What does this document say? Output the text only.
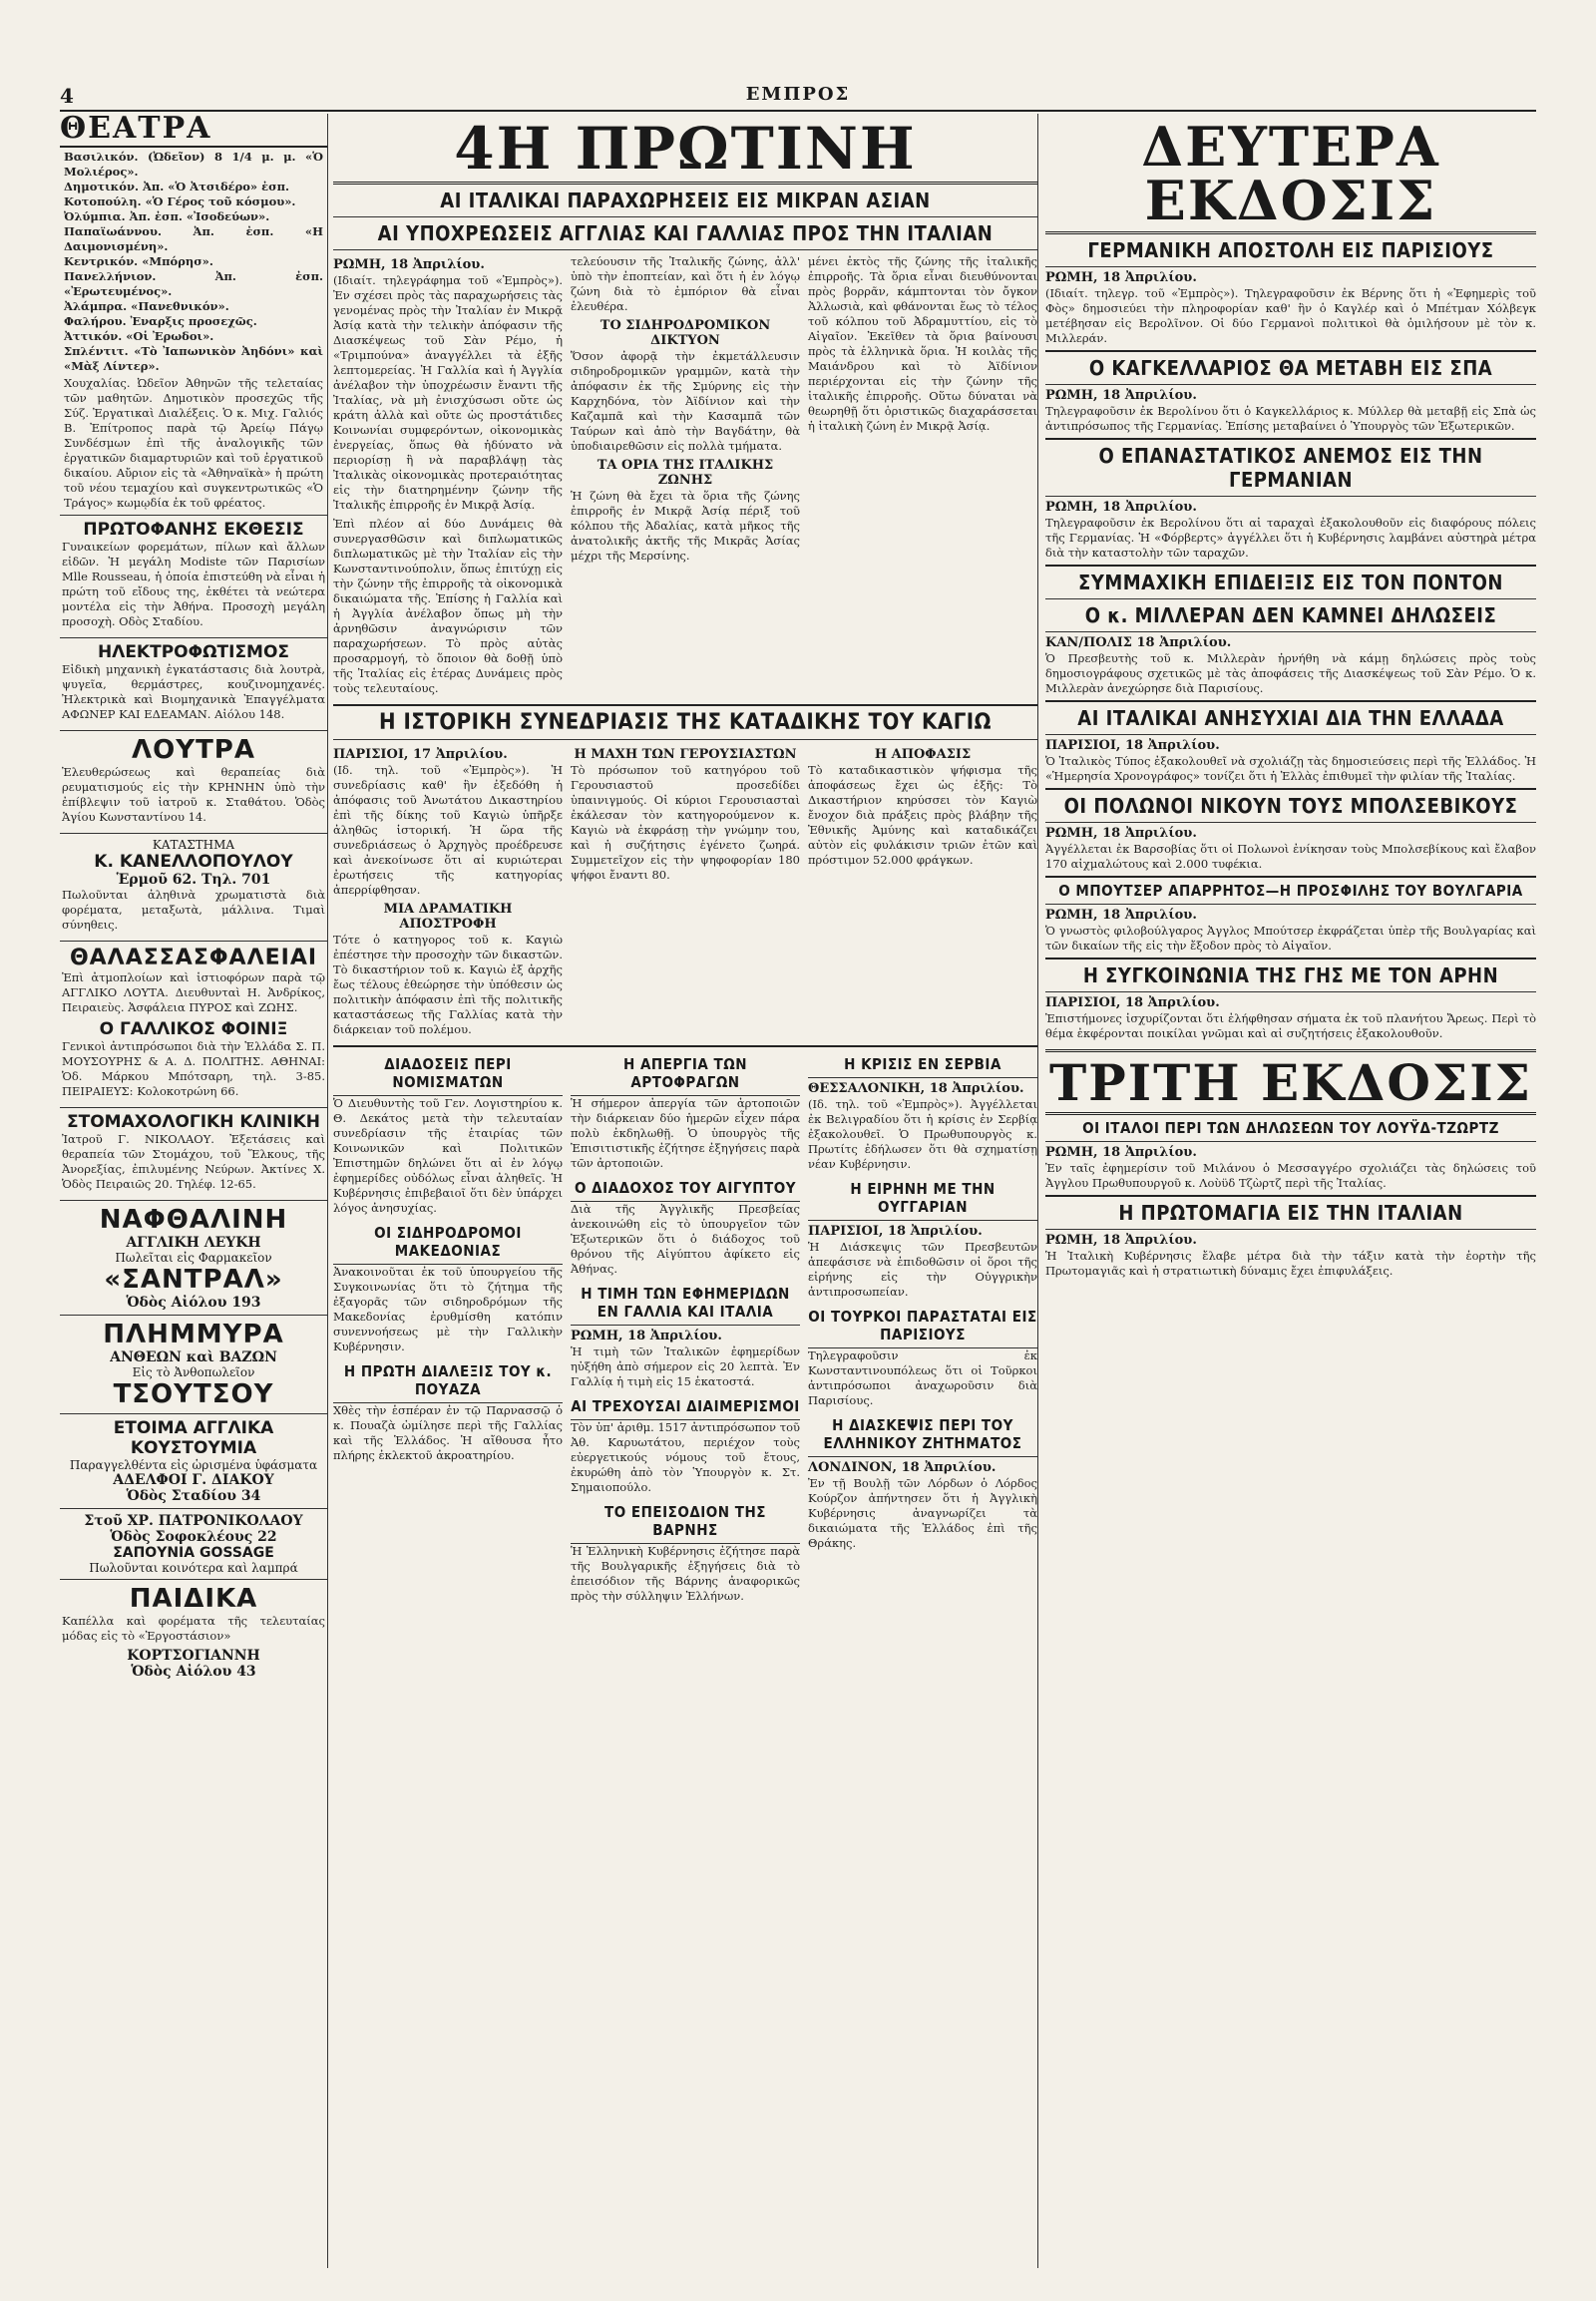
4	ΕΜΠΡΟΣ
ΘΕΑΤΡΑ
Βασιλικόν. (Ὠδεῖον) 8 1/4 μ. μ. «Ὁ Μολιέρος».
Δημοτικόν. Ἀπ. «Ὁ Ἀτσιδέρο» ἐσπ.
Κοτοπούλη. «Ὁ Γέρος τοῦ κόσμου».
Ὀλύμπια. Ἀπ. ἐσπ. «Ἰσοδεύων».
Παπαϊωάννου. Ἀπ. ἐσπ. «Η Δαιμονισμένη».
Κεντρικόν. «Μπόρησ».
Πανελλήνιον. Ἀπ. ἐσπ. «Ἐρωτευμένος».
Ἀλάμπρα. «Πανεθνικόν».
Φαλήρου. Ἐναρξις προσεχῶς.
Ἀττικόν. «Οἱ Ἐρωδοι».
Σπλέντιτ. «Τὸ Ἰαπωνικὸν Ἀηδόνι» καὶ «Μὰξ Λίντερ».

Χουχαλίας. Ὠδεῖον Ἀθηνῶν τῆς τελεταίας τῶν μαθητῶν. Δημοτικὸν προσεχῶς τῆς Σύζ. Ἐργατικαὶ Διαλέξεις. Ὁ κ. Μιχ. Γαλιός Β. Ἐπίτροπος παρὰ τῷ Ἀρείῳ Πάγῳ Συνδέσμων ἐπὶ τῆς ἀναλογικῆς τῶν ἐργατικῶν διαμαρτυριῶν καὶ τοῦ ἐργατικοῦ δικαίου. Αὔριον εἰς τὰ «Ἀθηναϊκὰ» ἡ πρώτη τοῦ νέου τεμαχίου καὶ συγκεντρωτικῶς «Ὁ Τράγος» κωμῳδία ἐκ τοῦ φρέατος.

ΠΡΩΤΟΦΑΝΗΣ ΕΚΘΕΣΙΣ

Γυναικείων φορεμάτων, πίλων καὶ ἄλλων εἰδῶν. Ἡ μεγάλη Modiste τῶν Παρισίων Mlle Rousseau, ἡ ὁποία ἐπιστεύθη νὰ εἶναι ἡ πρώτη τοῦ εἴδους της, ἐκθέτει τὰ νεώτερα μοντέλα εἰς τὴν Ἀθήνα. Προσοχὴ μεγάλη προσοχὴ. Οδὸς Σταδίου.

ΗΛΕΚΤΡΟΦΩΤΙΣΜΟΣ

Εἰδικὴ μηχανικὴ ἐγκατάστασις διὰ λουτρὰ, ψυγεῖα, θερμάστρες, κουζινομηχανές. Ἠλεκτρικὰ καὶ Βιομηχανικὰ Ἐπαγγέλματα ΑΦΩΝΕΡ ΚΑΙ ΕΔΕΑΜΑΝ. Αἰόλου 148.

ΛΟΥΤΡΑ

Ἐλευθερώσεως καὶ θεραπείας διὰ ρευματισμούς εἰς τὴν ΚΡΗΝΗΝ ὑπὸ τὴν ἐπίβλεψιν τοῦ ἰατροῦ κ. Σταθάτου. Ὁδὸς Ἁγίου Κωνσταντίνου 14.

ΚΑΤΑΣΤΗΜΑ
Κ. ΚΑΝΕΛΛΟΠΟΥΛΟΥ
Ἑρμοῦ 62. Τηλ. 701

Πωλοῦνται ἀληθινὰ χρωματιστὰ διὰ φορέματα, μεταξωτὰ, μάλλινα. Τιμαὶ σύνηθεις.

ΘΑΛΑΣΣΑΣΦΑΛΕΙΑΙ

Ἐπὶ ἀτμοπλοίων καὶ ἱστιοφόρων παρὰ τῷ ΑΓΓΛΙΚΟ ΛΟΥΤΑ. Διευθυνταὶ Η. Ἀνδρίκος, Πειραιεὺς. Ἀσφάλεια ΠΥΡΟΣ καὶ ΖΩΗΣ.

Ο ΓΑΛΛΙΚΟΣ ΦΟΙΝΙΞ

Γενικοὶ ἀντιπρόσωποι διὰ τὴν Ἑλλάδα Σ. Π. ΜΟΥΣΟΥΡΗΣ & Α. Δ. ΠΟΛΙΤΗΣ. ΑΘΗΝΑΙ: Ὁδ. Μάρκου Μπότσαρη, τηλ. 3-85. ΠΕΙΡΑΙΕΥΣ: Κολοκοτρώνη 66.

ΣΤΟΜΑΧΟΛΟΓΙΚΗ ΚΛΙΝΙΚΗ

Ἰατροῦ Γ. ΝΙΚΟΛΑΟΥ. Ἐξετάσεις καὶ θεραπεία τῶν Στομάχου, τοῦ Ἕλκους, τῆς Ἀνορεξίας, ἐπιλυμένης Νεύρων. Ἀκτίνες Χ. Ὁδὸς Πειραιῶς 20. Τηλέφ. 12-65.

ΝΑΦΘΑΛΙΝΗ
ΑΓΓΛΙΚΗ ΛΕΥΚΗ
Πωλεῖται εἰς Φαρμακεῖον
«ΣΑΝΤΡΑΛ»
Ὁδὸς Αἰόλου 193
ΠΛΗΜΜΥΡΑ
ΑΝΘΕΩΝ καὶ ΒΑΖΩΝ
Εἰς τὸ Ἀνθοπωλεῖον
ΤΣΟΥΤΣΟΥ
ΕΤΟΙΜΑ ΑΓΓΛΙΚΑ ΚΟΥΣΤΟΥΜΙΑ
Παραγγελθέντα εἰς ὡρισμένα ὑφάσματα
ΑΔΕΛΦΟΙ Γ. ΔΙΑΚΟΥ
Ὁδὸς Σταδίου 34
Στοῦ ΧΡ. ΠΑΤΡΟΝΙΚΟΛΑΟΥ
Ὁδὸς Σοφοκλέους 22
ΣΑΠΟΥΝΙΑ GOSSAGE
Πωλοῦνται κοινότερα καὶ λαμπρά
ΠΑΙΔΙΚΑ

Καπέλλα καὶ φορέματα τῆς τελευταίας μόδας εἰς τὸ «Ἐργοστάσιον»

ΚΟΡΤΣΟΓΙΑΝΝΗ
Ὁδὸς Αἰόλου 43
4Η ΠΡΩΤΙΝΗ
ΑΙ ΙΤΑΛΙΚΑΙ ΠΑΡΑΧΩΡΗΣΕΙΣ ΕΙΣ ΜΙΚΡΑΝ ΑΣΙΑΝ
ΑΙ ΥΠΟΧΡΕΩΣΕΙΣ ΑΓΓΛΙΑΣ ΚΑΙ ΓΑΛΛΙΑΣ ΠΡΟΣ ΤΗΝ ΙΤΑΛΙΑΝ
ΡΩΜΗ, 18 Ἀπριλίου.

(Ιδιαίτ. τηλεγράφημα τοῦ «Ἐμπρὸς»). Ἐν σχέσει πρὸς τὰς παραχωρήσεις τὰς γενομένας πρὸς τὴν Ἰταλίαν ἐν Μικρᾷ Ἀσίᾳ κατὰ τὴν τελικὴν ἀπόφασιν τῆς Διασκέψεως τοῦ Σὰν Ρέμο, ἡ «Τριμπούνα» ἀναγγέλλει τὰ ἑξῆς λεπτομερείας. Ἡ Γαλλία καὶ ἡ Ἀγγλία ἀνέλαβον τὴν ὑποχρέωσιν ἔναντι τῆς Ἰταλίας, νὰ μὴ ἐνισχύσωσι οὔτε ὡς κράτη ἀλλὰ καὶ οὔτε ὡς προστάτιδες Κοινωνίαι συμφερόντων, οἰκονομικὰς ἐνεργείας, ὅπως θὰ ἠδύνατο νὰ περιορίσῃ ἢ νὰ παραβλάψῃ τὰς Ἰταλικὰς οἰκονομικὰς προτεραιότητας εἰς τὴν διατηρημένην ζώνην τῆς Ἰταλικῆς ἐπιρροῆς ἐν Μικρᾷ Ἀσίᾳ.

Ἐπὶ πλέον αἱ δύο Δυνάμεις θὰ συνεργασθῶσιν καὶ διπλωματικῶς διπλωματικῶς μὲ τὴν Ἰταλίαν εἰς τὴν Κωνσταντινούπολιν, ὅπως ἐπιτύχῃ εἰς τὴν ζώνην τῆς ἐπιρροῆς τὰ οἰκονομικὰ δικαιώματα τῆς. Ἐπίσης ἡ Γαλλία καὶ ἡ Ἀγγλία ἀνέλαβον ὅπως μὴ τὴν ἀρνηθῶσιν ἀναγνώρισιν τῶν παραχωρήσεων. Τὸ πρὸς αὐτὰς προσαρμογή, τὸ ὅποιον θὰ δοθῇ ὑπὸ τῆς Ἰταλίας εἰς ἑτέρας Δυνάμεις πρὸς τοὺς τελευταίους.

τελεύουσιν τῆς Ἰταλικῆς ζώνης, ἀλλ' ὑπὸ τὴν ἐποπτείαν, καὶ ὅτι ἡ ἐν λόγῳ ζώνη διὰ τὸ ἐμπόριον θὰ εἶναι ἐλευθέρα.

ΤΟ ΣΙΔΗΡΟΔΡΟΜΙΚΟΝ ΔΙΚΤΥΟΝ

Ὅσον ἀφορᾷ τὴν ἐκμετάλλευσιν σιδηροδρομικῶν γραμμῶν, κατὰ τὴν ἀπόφασιν ἐκ τῆς Σμύρνης εἰς τὴν Καρχηδόνα, τὸν Ἀϊδίνιον καὶ τὴν Καζαμπᾶ καὶ τὴν Κασαμπᾶ τῶν Ταύρων καὶ ἀπὸ τὴν Βαγδάτην, θὰ ὑποδιαιρεθῶσιν εἰς πολλὰ τμήματα.

ΤΑ ΟΡΙΑ ΤΗΣ ΙΤΑΛΙΚΗΣ ΖΩΝΗΣ

Ἡ ζώνη θὰ ἔχει τὰ ὅρια τῆς ζώνης ἐπιρροῆς ἐν Μικρᾷ Ἀσίᾳ πέριξ τοῦ κόλπου τῆς Ἀδαλίας, κατὰ μῆκος τῆς ἀνατολικῆς ἀκτῆς τῆς Μικρᾶς Ἀσίας μέχρι τῆς Μερσίνης.

μένει ἐκτὸς τῆς ζώνης τῆς ἰταλικῆς ἐπιρροῆς. Τὰ ὅρια εἶναι διευθύνονται πρὸς βορρᾶν, κάμπτονται τὸν ὄγκον Ἀλλωσιὰ, καὶ φθάνονται ἕως τὸ τέλος τοῦ κόλπου τοῦ Ἀδραμυττίου, εἰς τὸ Αἰγαῖον. Ἐκεῖθεν τὰ ὅρια βαίνουσι πρὸς τὰ ἑλληνικὰ ὅρια. Ἡ κοιλὰς τῆς Μαιάνδρου καὶ τὸ Ἀϊδίνιον περιέρχονται εἰς τὴν ζώνην τῆς ἰταλικῆς ἐπιρροῆς. Οὕτω δύναται νὰ θεωρηθῇ ὅτι ὁριστικῶς διαχαράσσεται ἡ ἰταλικὴ ζώνη ἐν Μικρᾷ Ἀσίᾳ.

Η ΙΣΤΟΡΙΚΗ ΣΥΝΕΔΡΙΑΣΙΣ ΤΗΣ ΚΑΤΑΔΙΚΗΣ ΤΟΥ ΚΑΓΙΩ
ΠΑΡΙΣΙΟΙ, 17 Ἀπριλίου.

(Ιδ. τηλ. τοῦ «Ἐμπρὸς»). Ἡ συνεδρίασις καθ' ἣν ἐξεδόθη ἡ ἀπόφασις τοῦ Ἀνωτάτου Δικαστηρίου ἐπὶ τῆς δίκης τοῦ Καγιὼ ὑπῆρξε ἀληθῶς ἱστορική. Ἡ ὥρα τῆς συνεδριάσεως ὁ Ἀρχηγὸς προέδρευσε καὶ ἀνεκοίνωσε ὅτι αἱ κυριώτεραι ἐρωτήσεις τῆς κατηγορίας ἀπερρίφθησαν.

ΜΙΑ ΔΡΑΜΑΤΙΚΗ ΑΠΟΣΤΡΟΦΗ

Τότε ὁ κατηγορος τοῦ κ. Καγιὼ ἐπέστησε τὴν προσοχὴν τῶν δικαστῶν. Τὸ δικαστήριον τοῦ κ. Καγιὼ ἐξ ἀρχῆς ἔως τέλους ἐθεώρησε τὴν ὑπόθεσιν ὡς πολιτικὴν ἀπόφασιν ἐπὶ τῆς πολιτικῆς καταστάσεως τῆς Γαλλίας κατὰ τὴν διάρκειαν τοῦ πολέμου.

Η ΜΑΧΗ ΤΩΝ ΓΕΡΟΥΣΙΑΣΤΩΝ

Τὸ πρόσωπον τοῦ κατηγόρου τοῦ Γερουσιαστοῦ προσεδίδει ὑπαινιγμούς. Οἱ κύριοι Γερουσιασταὶ ἐκάλεσαν τὸν κατηγορούμενον κ. Καγιὼ νὰ ἐκφράσῃ τὴν γνώμην του, καὶ ἡ συζήτησις ἐγένετο ζωηρά. Συμμετεῖχον εἰς τὴν ψηφοφορίαν 180 ψήφοι ἔναντι 80.

Η ΑΠΟΦΑΣΙΣ

Τὸ καταδικαστικὸν ψήφισμα τῆς ἀποφάσεως ἔχει ὡς ἑξῆς: Τὸ Δικαστήριον κηρύσσει τὸν Καγιὼ ἔνοχον διὰ πράξεις πρὸς βλάβην τῆς Ἐθνικῆς Ἀμύνης καὶ καταδικάζει αὐτὸν εἰς φυλάκισιν τριῶν ἐτῶν καὶ πρόστιμον 52.000 φράγκων.

ΔΙΑΔΟΣΕΙΣ ΠΕΡΙ ΝΟΜΙΣΜΑΤΩΝ

Ὁ Διευθυντὴς τοῦ Γεν. Λογιστηρίου κ. Θ. Δεκάτος μετὰ τὴν τελευταίαν συνεδρίασιν τῆς ἑταιρίας τῶν Κοινωνικῶν καὶ Πολιτικῶν Ἐπιστημῶν δηλώνει ὅτι αἱ ἐν λόγῳ ἐφημερίδες οὐδόλως εἶναι ἀληθεῖς. Ἡ Κυβέρνησις ἐπιβεβαιοῖ ὅτι δὲν ὑπάρχει λόγος ἀνησυχίας.

ΟΙ ΣΙΔΗΡΟΔΡΟΜΟΙ ΜΑΚΕΔΟΝΙΑΣ

Ἀνακοινοῦται ἐκ τοῦ ὑπουργείου τῆς Συγκοινωνίας ὅτι τὸ ζήτημα τῆς ἐξαγορᾶς τῶν σιδηροδρόμων τῆς Μακεδονίας ἐρυθμίσθη κατόπιν συνεννοήσεως μὲ τὴν Γαλλικὴν Κυβέρνησιν.

Η ΠΡΩΤΗ ΔΙΑΛΕΞΙΣ ΤΟΥ κ. ΠΟΥΑΖΑ

Χθὲς τὴν ἑσπέραν ἐν τῷ Παρνασσῷ ὁ κ. Πουαζὰ ὡμίλησε περὶ τῆς Γαλλίας καὶ τῆς Ἑλλάδος. Ἡ αἴθουσα ἦτο πλήρης ἐκλεκτοῦ ἀκροατηρίου.

Η ΑΠΕΡΓΙΑ ΤΩΝ ΑΡΤΟΦΡΑΓΩΝ

Ἡ σήμερον ἀπεργία τῶν ἀρτοποιῶν τὴν διάρκειαν δύο ἡμερῶν εἶχεν πάρα πολὺ ἐκδηλωθῇ. Ὁ ὑπουργὸς τῆς Ἐπισιτιστικῆς ἐζήτησε ἐξηγήσεις παρὰ τῶν ἀρτοποιῶν.

Ο ΔΙΑΔΟΧΟΣ ΤΟΥ ΑΙΓΥΠΤΟΥ

Διὰ τῆς Ἀγγλικῆς Πρεσβείας ἀνεκοινώθη εἰς τὸ ὑπουργεῖον τῶν Ἐξωτερικῶν ὅτι ὁ διάδοχος τοῦ θρόνου τῆς Αἰγύπτου ἀφίκετο εἰς Ἀθήνας.

Η ΤΙΜΗ ΤΩΝ ΕΦΗΜΕΡΙΔΩΝ ΕΝ ΓΑΛΛΙΑ ΚΑΙ ΙΤΑΛΙΑ
ΡΩΜΗ, 18 Ἀπριλίου.

Ἡ τιμὴ τῶν Ἰταλικῶν ἐφημερίδων ηὐξήθη ἀπὸ σήμερον εἰς 20 λεπτὰ. Ἐν Γαλλίᾳ ἡ τιμὴ εἰς 15 ἑκατοστά.

ΑΙ ΤΡΕΧΟΥΣΑΙ ΔΙΑΙΜΕΡΙΣΜΟΙ

Τὸν ὑπ' ἀριθμ. 1517 ἀντιπρόσωπον τοῦ Ἀθ. Καρυωτάτου, περιέχον τοὺς εὐεργετικούς νόμους τοῦ ἔτους, ἐκυρώθη ἀπὸ τὸν Ὑπουργὸν κ. Στ. Σημαιοπούλο.

ΤΟ ΕΠΕΙΣΟΔΙΟΝ ΤΗΣ ΒΑΡΝΗΣ

Ἡ Ἑλληνικὴ Κυβέρνησις ἐζήτησε παρὰ τῆς Βουλγαρικῆς ἐξηγήσεις διὰ τὸ ἐπεισόδιον τῆς Βάρνης ἀναφορικῶς πρὸς τὴν σύλληψιν Ἑλλήνων.

Η ΚΡΙΣΙΣ ΕΝ ΣΕΡΒΙΑ
ΘΕΣΣΑΛΟΝΙΚΗ, 18 Ἀπριλίου.

(Ιδ. τηλ. τοῦ «Ἐμπρὸς»). Ἀγγέλλεται ἐκ Βελιγραδίου ὅτι ἡ κρίσις ἐν Σερβίᾳ ἐξακολουθεῖ. Ὁ Πρωθυπουργὸς κ. Πρωτίτς ἐδήλωσεν ὅτι θὰ σχηματίσῃ νέαν Κυβέρνησιν.

Η ΕΙΡΗΝΗ ΜΕ ΤΗΝ ΟΥΓΓΑΡΙΑΝ
ΠΑΡΙΣΙΟΙ, 18 Ἀπριλίου.

Ἡ Διάσκεψις τῶν Πρεσβευτῶν ἀπεφάσισε νὰ ἐπιδοθῶσιν οἱ ὅροι τῆς εἰρήνης εἰς τὴν Οὑγγρικὴν ἀντιπροσωπείαν.

ΟΙ ΤΟΥΡΚΟΙ ΠΑΡΑΣΤΑΤΑΙ ΕΙΣ ΠΑΡΙΣΙΟΥΣ

Τηλεγραφοῦσιν ἐκ Κωνσταντινουπόλεως ὅτι οἱ Τοῦρκοι ἀντιπρόσωποι ἀναχωροῦσιν διὰ Παρισίους.

Η ΔΙΑΣΚΕΨΙΣ ΠΕΡΙ ΤΟΥ ΕΛΛΗΝΙΚΟΥ ΖΗΤΗΜΑΤΟΣ
ΛΟΝΔΙΝΟΝ, 18 Ἀπριλίου.

Ἐν τῇ Βουλῇ τῶν Λόρδων ὁ Λόρδος Κούρζον ἀπήντησεν ὅτι ἡ Ἀγγλικὴ Κυβέρνησις ἀναγνωρίζει τὰ δικαιώματα τῆς Ἑλλάδος ἐπὶ τῆς Θράκης.

ΔΕΥΤΕΡΑ ΕΚΔΟΣΙΣ
ΓΕΡΜΑΝΙΚΗ ΑΠΟΣΤΟΛΗ ΕΙΣ ΠΑΡΙΣΙΟΥΣ
ΡΩΜΗ, 18 Ἀπριλίου.

(Ιδιαίτ. τηλεγρ. τοῦ «Ἐμπρὸς»). Τηλεγραφοῦσιν ἐκ Βέρνης ὅτι ἡ «Ἐφημερὶς τοῦ Φὸς» δημοσιεύει τὴν πληροφορίαν καθ' ἣν ὁ Καγλέρ καὶ ὁ Μπέτμαν Χόλβεγκ μετέβησαν εἰς Βερολῖνον. Οἱ δύο Γερμανοὶ πολιτικοὶ θὰ ὁμιλήσουν μὲ τὸν κ. Μιλλεράν.

Ο ΚΑΓΚΕΛΛΑΡΙΟΣ ΘΑ ΜΕΤΑΒΗ ΕΙΣ ΣΠΑ
ΡΩΜΗ, 18 Ἀπριλίου.

Τηλεγραφοῦσιν ἐκ Βερολίνου ὅτι ὁ Καγκελλάριος κ. Μύλλερ θὰ μεταβῇ εἰς Σπὰ ὡς ἀντιπρόσωπος τῆς Γερμανίας. Ἐπίσης μεταβαίνει ὁ Ὑπουργὸς τῶν Ἐξωτερικῶν.

Ο ΕΠΑΝΑΣΤΑΤΙΚΟΣ ΑΝΕΜΟΣ ΕΙΣ ΤΗΝ ΓΕΡΜΑΝΙΑΝ
ΡΩΜΗ, 18 Ἀπριλίου.

Τηλεγραφοῦσιν ἐκ Βερολίνου ὅτι αἱ ταραχαὶ ἐξακολουθοῦν εἰς διαφόρους πόλεις τῆς Γερμανίας. Ἡ «Φόρβερτς» ἀγγέλλει ὅτι ἡ Κυβέρνησις λαμβάνει αὐστηρὰ μέτρα διὰ τὴν καταστολὴν τῶν ταραχῶν.

ΣΥΜΜΑΧΙΚΗ ΕΠΙΔΕΙΞΙΣ ΕΙΣ ΤΟΝ ΠΟΝΤΟΝ
Ο κ. ΜΙΛΛΕΡΑΝ ΔΕΝ ΚΑΜΝΕΙ ΔΗΛΩΣΕΙΣ
ΚΑΝ/ΠΟΛΙΣ 18 Ἀπριλίου.

Ὁ Πρεσβευτὴς τοῦ κ. Μιλλερὰν ἠρνήθη νὰ κάμῃ δηλώσεις πρὸς τοὺς δημοσιογράφους σχετικῶς μὲ τὰς ἀποφάσεις τῆς Διασκέψεως τοῦ Σὰν Ρέμο. Ὁ κ. Μιλλερὰν ἀνεχώρησε διὰ Παρισίους.

ΑΙ ΙΤΑΛΙΚΑΙ ΑΝΗΣΥΧΙΑΙ ΔΙΑ ΤΗΝ ΕΛΛΑΔΑ
ΠΑΡΙΣΙΟΙ, 18 Ἀπριλίου.

Ὁ Ἰταλικὸς Τύπος ἐξακολουθεῖ νὰ σχολιάζῃ τὰς δημοσιεύσεις περὶ τῆς Ἑλλάδος. Ἡ «Ἡμερησία Χρονογράφος» τονίζει ὅτι ἡ Ἑλλὰς ἐπιθυμεῖ τὴν φιλίαν τῆς Ἰταλίας.

ΟΙ ΠΟΛΩΝΟΙ ΝΙΚΟΥΝ ΤΟΥΣ ΜΠΟΛΣΕΒΙΚΟΥΣ
ΡΩΜΗ, 18 Ἀπριλίου.

Ἀγγέλλεται ἐκ Βαρσοβίας ὅτι οἱ Πολωνοὶ ἐνίκησαν τοὺς Μπολσεβίκους καὶ ἔλαβον 170 αἰχμαλώτους καὶ 2.000 τυφέκια.

Ο ΜΠΟΥΤΣΕΡ ΑΠΑΡΡΗΤΟΣ—Η ΠΡΟΣΦΙΛΗΣ ΤΟΥ ΒΟΥΛΓΑΡΙΑ
ΡΩΜΗ, 18 Ἀπριλίου.

Ὁ γνωστὸς φιλοβούλγαρος Ἀγγλος Μπούτσερ ἐκφράζεται ὑπὲρ τῆς Βουλγαρίας καὶ τῶν δικαίων τῆς εἰς τὴν ἔξοδον πρὸς τὸ Αἰγαῖον.

Η ΣΥΓΚΟΙΝΩΝΙΑ ΤΗΣ ΓΗΣ ΜΕ ΤΟΝ ΑΡΗΝ
ΠΑΡΙΣΙΟΙ, 18 Ἀπριλίου.

Ἐπιστήμονες ἰσχυρίζονται ὅτι ἐλήφθησαν σήματα ἐκ τοῦ πλανήτου Ἄρεως. Περὶ τὸ θέμα ἐκφέρονται ποικίλαι γνῶμαι καὶ αἱ συζητήσεις ἐξακολουθοῦν.

ΤΡΙΤΗ ΕΚΔΟΣΙΣ
ΟΙ ΙΤΑΛΟΙ ΠΕΡΙ ΤΩΝ ΔΗΛΩΣΕΩΝ ΤΟΥ ΛΟΥΫΔ-ΤΖΩΡΤΖ
ΡΩΜΗ, 18 Ἀπριλίου.

Ἐν ταῖς ἐφημερίσιν τοῦ Μιλάνου ὁ Μεσσαγγέρο σχολιάζει τὰς δηλώσεις τοῦ Ἀγγλου Πρωθυπουργοῦ κ. Λοὺϋδ Τζὼρτζ περὶ τῆς Ἰταλίας.

Η ΠΡΩΤΟΜΑΓΙΑ ΕΙΣ ΤΗΝ ΙΤΑΛΙΑΝ
ΡΩΜΗ, 18 Ἀπριλίου.

Ἡ Ἰταλικὴ Κυβέρνησις ἔλαβε μέτρα διὰ τὴν τάξιν κατὰ τὴν ἑορτὴν τῆς Πρωτομαγιᾶς καὶ ἡ στρατιωτικὴ δύναμις ἔχει ἐπιφυλάξεις.
